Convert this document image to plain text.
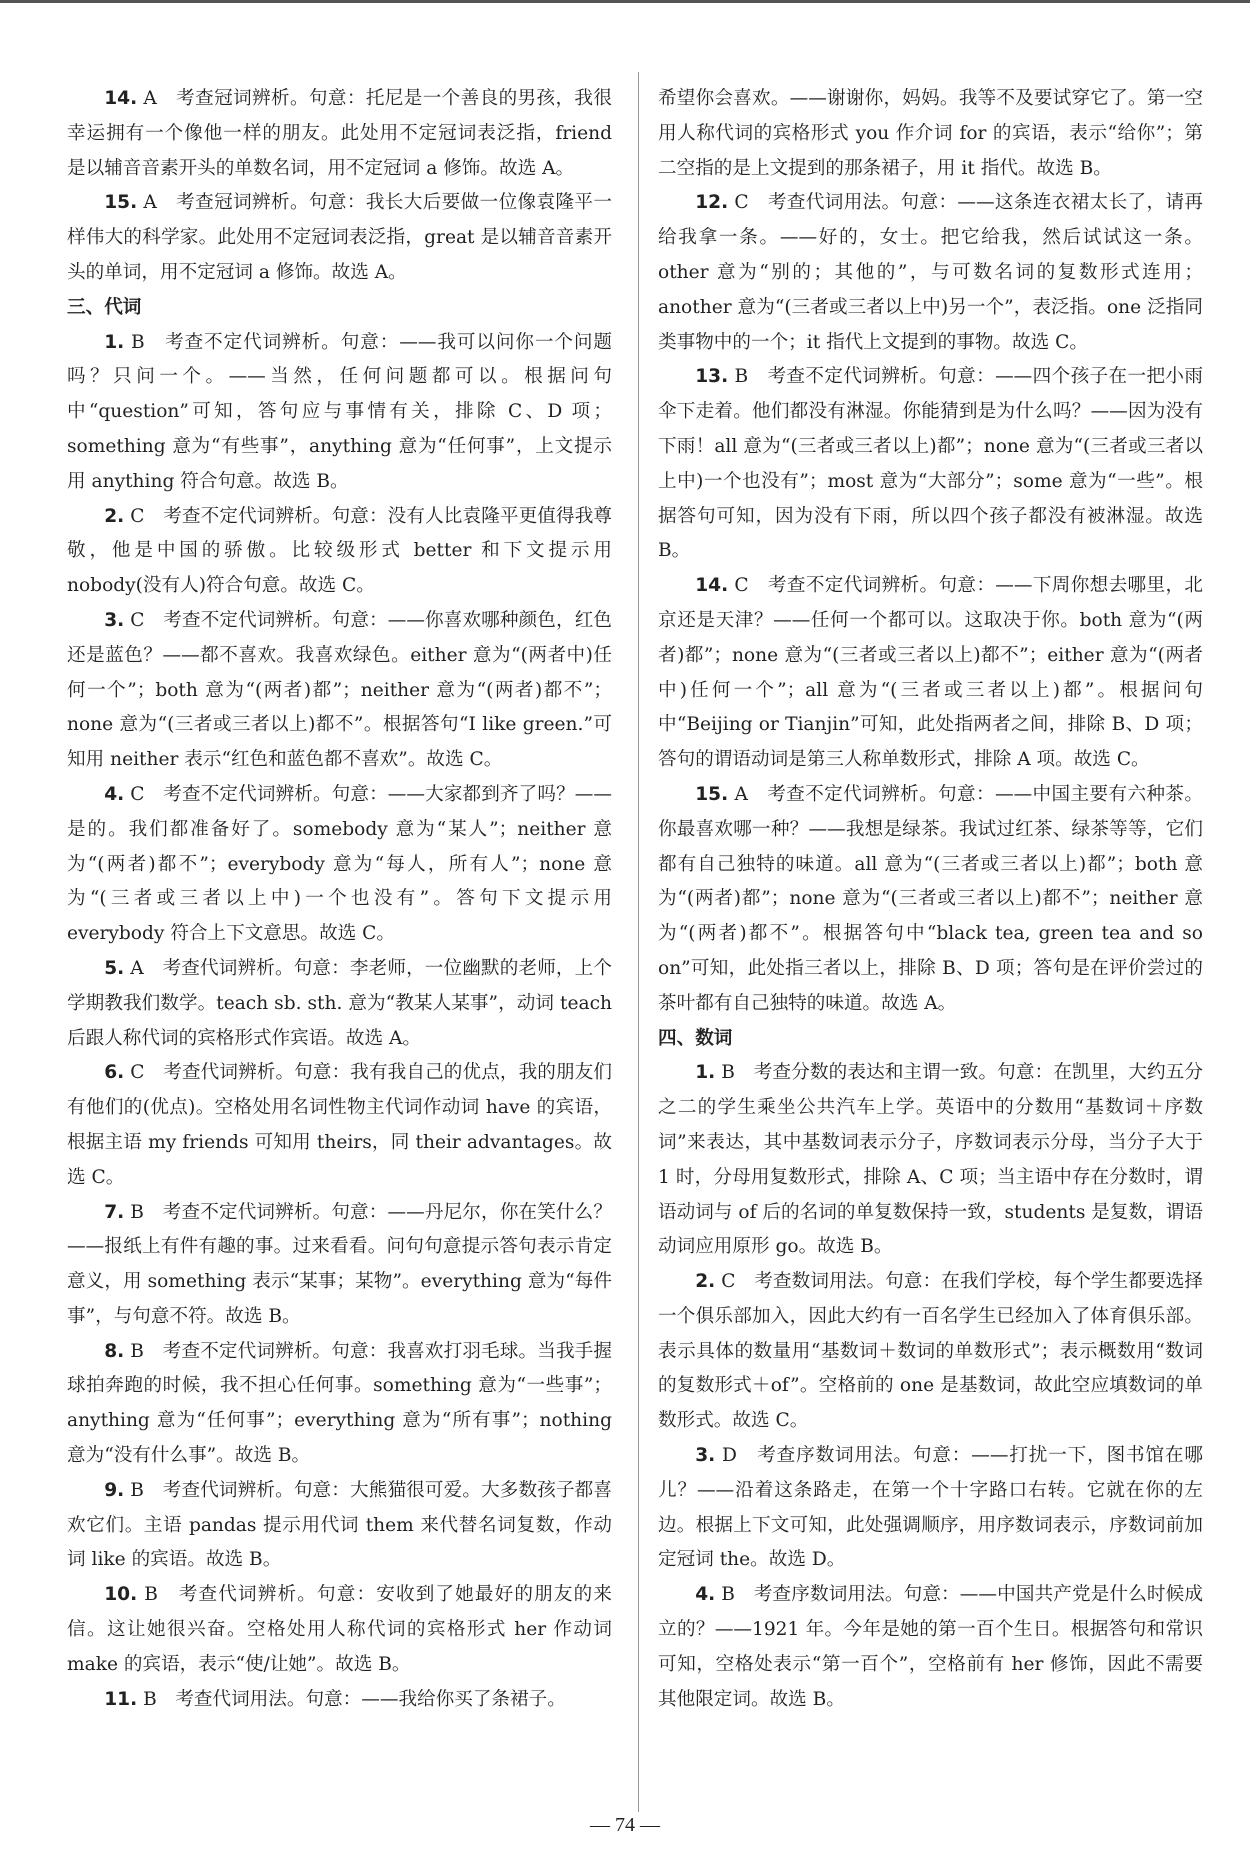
14. A　考查冠词辨析。句意：托尼是一个善良的男孩，我很幸运拥有一个像他一样的朋友。此处用不定冠词表泛指，friend 是以辅音音素开头的单数名词，用不定冠词 a 修饰。故选 A。

15. A　考查冠词辨析。句意：我长大后要做一位像袁隆平一样伟大的科学家。此处用不定冠词表泛指，great 是以辅音音素开头的单词，用不定冠词 a 修饰。故选 A。

三、代词

1. B　考查不定代词辨析。句意：——我可以问你一个问题吗？只问一个。——当然，任何问题都可以。根据问句中“question”可知，答句应与事情有关，排除 C、D 项；something 意为“有些事”，anything 意为“任何事”，上文提示用 anything 符合句意。故选 B。

2. C　考查不定代词辨析。句意：没有人比袁隆平更值得我尊敬，他是中国的骄傲。比较级形式 better 和下文提示用 nobody(没有人)符合句意。故选 C。

3. C　考查不定代词辨析。句意：——你喜欢哪种颜色，红色还是蓝色？——都不喜欢。我喜欢绿色。either 意为“(两者中)任何一个”；both 意为“(两者)都”；neither 意为“(两者)都不”；none 意为“(三者或三者以上)都不”。根据答句“I like green.”可知用 neither 表示“红色和蓝色都不喜欢”。故选 C。

4. C　考查不定代词辨析。句意：——大家都到齐了吗？——是的。我们都准备好了。somebody 意为“某人”；neither 意为“(两者)都不”；everybody 意为“每人，所有人”；none 意为“(三者或三者以上中)一个也没有”。答句下文提示用 everybody 符合上下文意思。故选 C。

5. A　考查代词辨析。句意：李老师，一位幽默的老师，上个学期教我们数学。teach sb. sth. 意为“教某人某事”，动词 teach 后跟人称代词的宾格形式作宾语。故选 A。

6. C　考查代词辨析。句意：我有我自己的优点，我的朋友们有他们的(优点)。空格处用名词性物主代词作动词 have 的宾语，根据主语 my friends 可知用 theirs，同 their advantages。故选 C。

7. B　考查不定代词辨析。句意：——丹尼尔，你在笑什么？——报纸上有件有趣的事。过来看看。问句句意提示答句表示肯定意义，用 something 表示“某事；某物”。everything 意为“每件事”，与句意不符。故选 B。

8. B　考查不定代词辨析。句意：我喜欢打羽毛球。当我手握球拍奔跑的时候，我不担心任何事。something 意为“一些事”；anything 意为“任何事”；everything 意为“所有事”；nothing 意为“没有什么事”。故选 B。

9. B　考查代词辨析。句意：大熊猫很可爱。大多数孩子都喜欢它们。主语 pandas 提示用代词 them 来代替名词复数，作动词 like 的宾语。故选 B。

10. B　考查代词辨析。句意：安收到了她最好的朋友的来信。这让她很兴奋。空格处用人称代词的宾格形式 her 作动词 make 的宾语，表示“使/让她”。故选 B。

11. B　考查代词用法。句意：——我给你买了条裙子。

希望你会喜欢。——谢谢你，妈妈。我等不及要试穿它了。第一空用人称代词的宾格形式 you 作介词 for 的宾语，表示“给你”；第二空指的是上文提到的那条裙子，用 it 指代。故选 B。

12. C　考查代词用法。句意：——这条连衣裙太长了，请再给我拿一条。——好的，女士。把它给我，然后试试这一条。other 意为“别的；其他的”，与可数名词的复数形式连用；another 意为“(三者或三者以上中)另一个”，表泛指。one 泛指同类事物中的一个；it 指代上文提到的事物。故选 C。

13. B　考查不定代词辨析。句意：——四个孩子在一把小雨伞下走着。他们都没有淋湿。你能猜到是为什么吗？——因为没有下雨！all 意为“(三者或三者以上)都”；none 意为“(三者或三者以上中)一个也没有”；most 意为“大部分”；some 意为“一些”。根据答句可知，因为没有下雨，所以四个孩子都没有被淋湿。故选 B。

14. C　考查不定代词辨析。句意：——下周你想去哪里，北京还是天津？——任何一个都可以。这取决于你。both 意为“(两者)都”；none 意为“(三者或三者以上)都不”；either 意为“(两者中)任何一个”；all 意为“(三者或三者以上)都”。根据问句中“Beijing or Tianjin”可知，此处指两者之间，排除 B、D 项；答句的谓语动词是第三人称单数形式，排除 A 项。故选 C。

15. A　考查不定代词辨析。句意：——中国主要有六种茶。你最喜欢哪一种？——我想是绿茶。我试过红茶、绿茶等等，它们都有自己独特的味道。all 意为“(三者或三者以上)都”；both 意为“(两者)都”；none 意为“(三者或三者以上)都不”；neither 意为“(两者)都不”。根据答句中“black tea, green tea and so on”可知，此处指三者以上，排除 B、D 项；答句是在评价尝过的茶叶都有自己独特的味道。故选 A。

四、数词

1. B　考查分数的表达和主谓一致。句意：在凯里，大约五分之二的学生乘坐公共汽车上学。英语中的分数用“基数词＋序数词”来表达，其中基数词表示分子，序数词表示分母，当分子大于 1 时，分母用复数形式，排除 A、C 项；当主语中存在分数时，谓语动词与 of 后的名词的单复数保持一致，students 是复数，谓语动词应用原形 go。故选 B。

2. C　考查数词用法。句意：在我们学校，每个学生都要选择一个俱乐部加入，因此大约有一百名学生已经加入了体育俱乐部。表示具体的数量用“基数词＋数词的单数形式”；表示概数用“数词的复数形式＋of”。空格前的 one 是基数词，故此空应填数词的单数形式。故选 C。

3. D　考查序数词用法。句意：——打扰一下，图书馆在哪儿？——沿着这条路走，在第一个十字路口右转。它就在你的左边。根据上下文可知，此处强调顺序，用序数词表示，序数词前加定冠词 the。故选 D。

4. B　考查序数词用法。句意：——中国共产党是什么时候成立的？——1921 年。今年是她的第一百个生日。根据答句和常识可知，空格处表示“第一百个”，空格前有 her 修饰，因此不需要其他限定词。故选 B。

— 74 —
